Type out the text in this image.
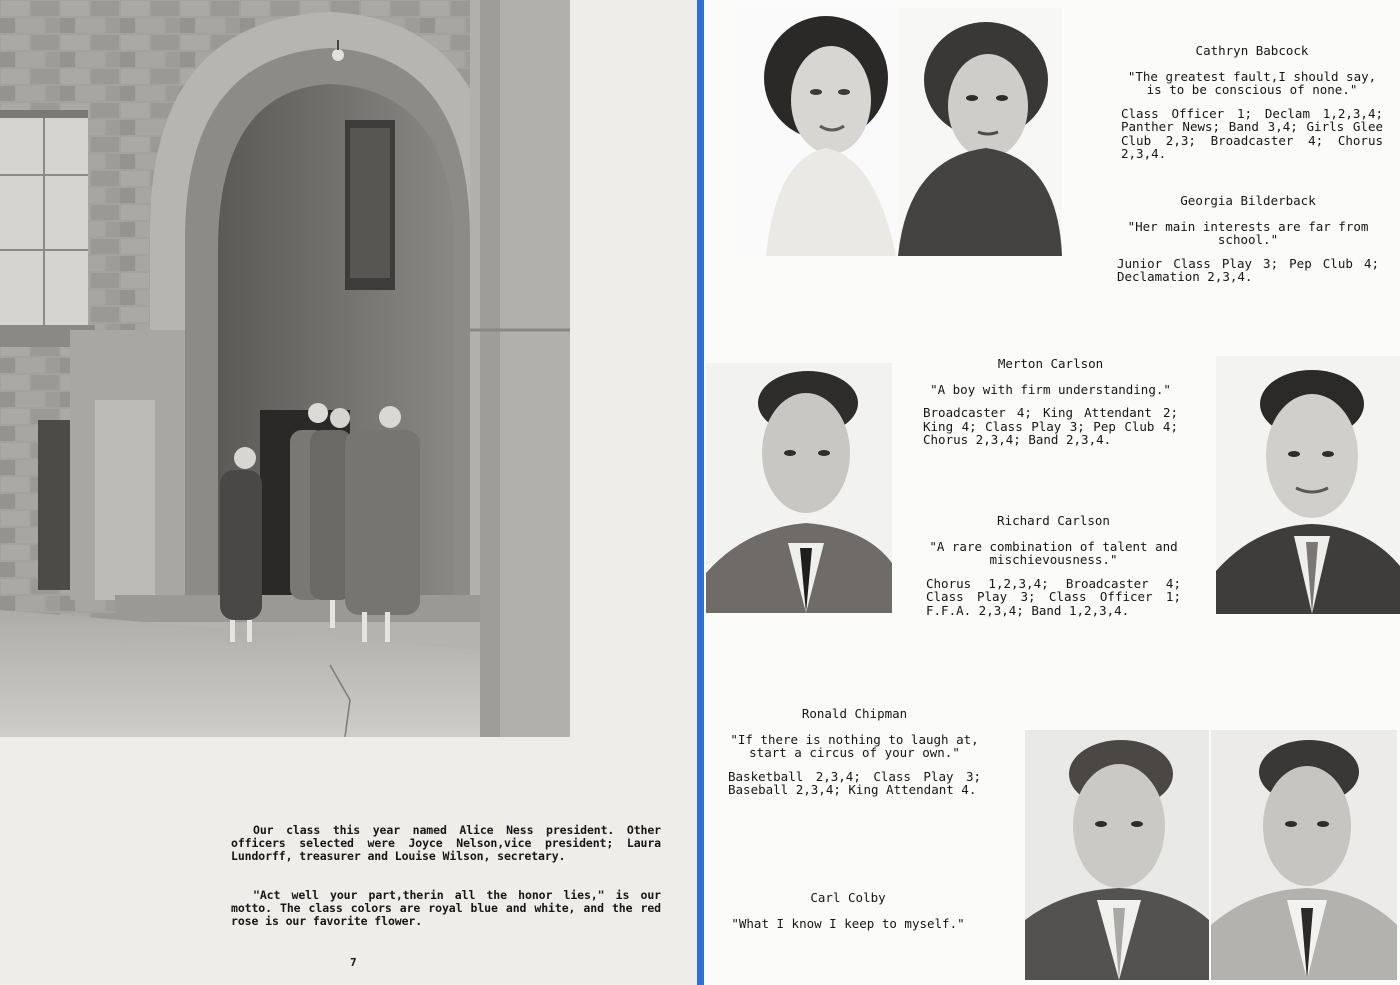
Our class this year named Alice Ness president. Other officers selected were Joyce Nelson,vice president; Laura Lundorff, treasurer and Louise Wilson, secretary.

"Act well your part,therin all the honor lies," is our motto. The class colors are royal blue and white, and the red rose is our favorite flower.

7
Cathryn Babcock
"The greatest fault,I should say,
is to be conscious of none."

Class Officer 1; Declam 1,2,3,4; Panther News; Band 3,4; Girls Glee Club 2,3; Broadcaster 4; Chorus 2,3,4.

Georgia Bilderback
"Her main interests are far from
school."

Junior Class Play 3; Pep Club 4; Declamation 2,3,4.

Merton Carlson
"A boy with firm understanding."

Broadcaster 4; King Attendant 2; King 4; Class Play 3; Pep Club 4; Chorus 2,3,4; Band 2,3,4.

Richard Carlson
"A rare combination of talent and
mischievousness."

Chorus 1,2,3,4; Broadcaster 4; Class Play 3; Class Officer 1; F.F.A. 2,3,4; Band 1,2,3,4.

Ronald Chipman
"If there is nothing to laugh at,
start a circus of your own."

Basketball 2,3,4; Class Play 3; Baseball 2,3,4; King Attendant 4.

Carl Colby
"What I know I keep to myself."
